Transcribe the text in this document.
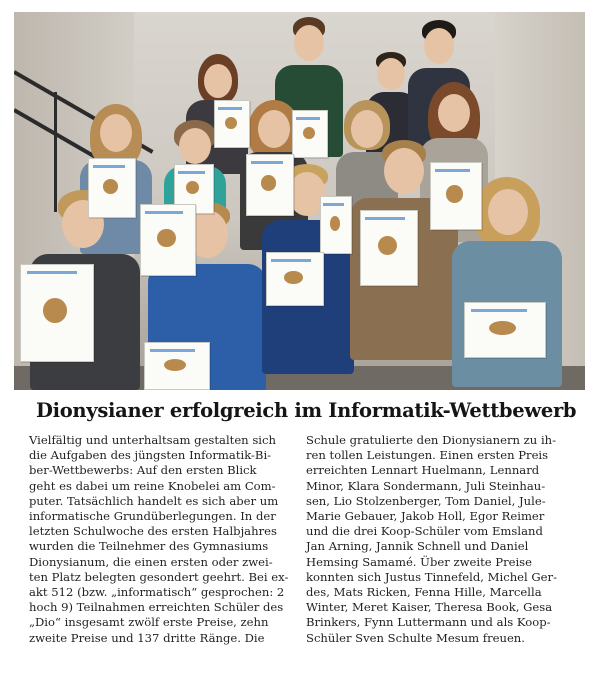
Dionysianer erfolgreich im Informatik-Wettbewerb

Vielfältig und unterhaltsam gestalten sich
die Aufgaben des jüngsten Informatik-Bi-
ber-Wettbewerbs: Auf den ersten Blick
geht es dabei um reine Knobelei am Com-
puter. Tatsächlich handelt es sich aber um
informatische Grundüberlegungen. In der
letzten Schulwoche des ersten Halbjahres
wurden die Teilnehmer des Gymnasiums
Dionysianum, die einen ersten oder zwei-
ten Platz belegten gesondert geehrt. Bei ex-
akt 512 (bzw. „informatisch“ gesprochen: 2
hoch 9) Teilnahmen erreichten Schüler des
„Dio“ insgesamt zwölf erste Preise, zehn
zweite Preise und 137 dritte Ränge. Die

Schule gratulierte den Dionysianern zu ih-
ren tollen Leistungen. Einen ersten Preis
erreichten Lennart Huelmann, Lennard
Minor, Klara Sondermann, Juli Steinhau-
sen, Lio Stolzenberger, Tom Daniel, Jule-
Marie Gebauer, Jakob Holl, Egor Reimer
und die drei Koop-Schüler vom Emsland
Jan Arning, Jannik Schnell und Daniel
Hemsing Samamé. Über zweite Preise
konnten sich Justus Tinnefeld, Michel Ger-
des, Mats Ricken, Fenna Hille, Marcella
Winter, Meret Kaiser, Theresa Book, Gesa
Brinkers, Fynn Luttermann und als Koop-
Schüler Sven Schulte Mesum freuen.
